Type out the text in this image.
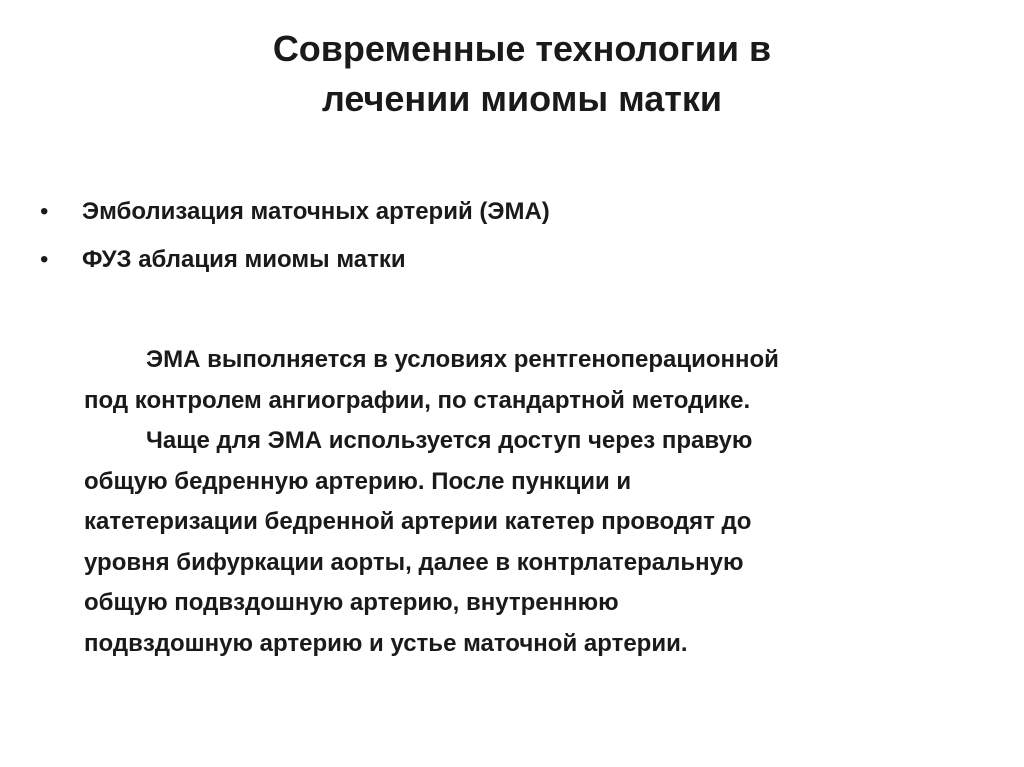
Современные технологии в
лечении миомы матки
•	Эмболизация маточных артерий (ЭМА)
•	ФУЗ аблация миомы матки
ЭМА выполняется в условиях рентгеноперационной
под контролем ангиографии, по стандартной методике.
Чаще для ЭМА используется доступ через правую
общую бедренную артерию. После пункции и
катетеризации бедренной артерии катетер проводят до
уровня бифуркации аорты, далее в контрлатеральную
общую подвздошную артерию, внутреннюю
подвздошную артерию и устье маточной артерии.
